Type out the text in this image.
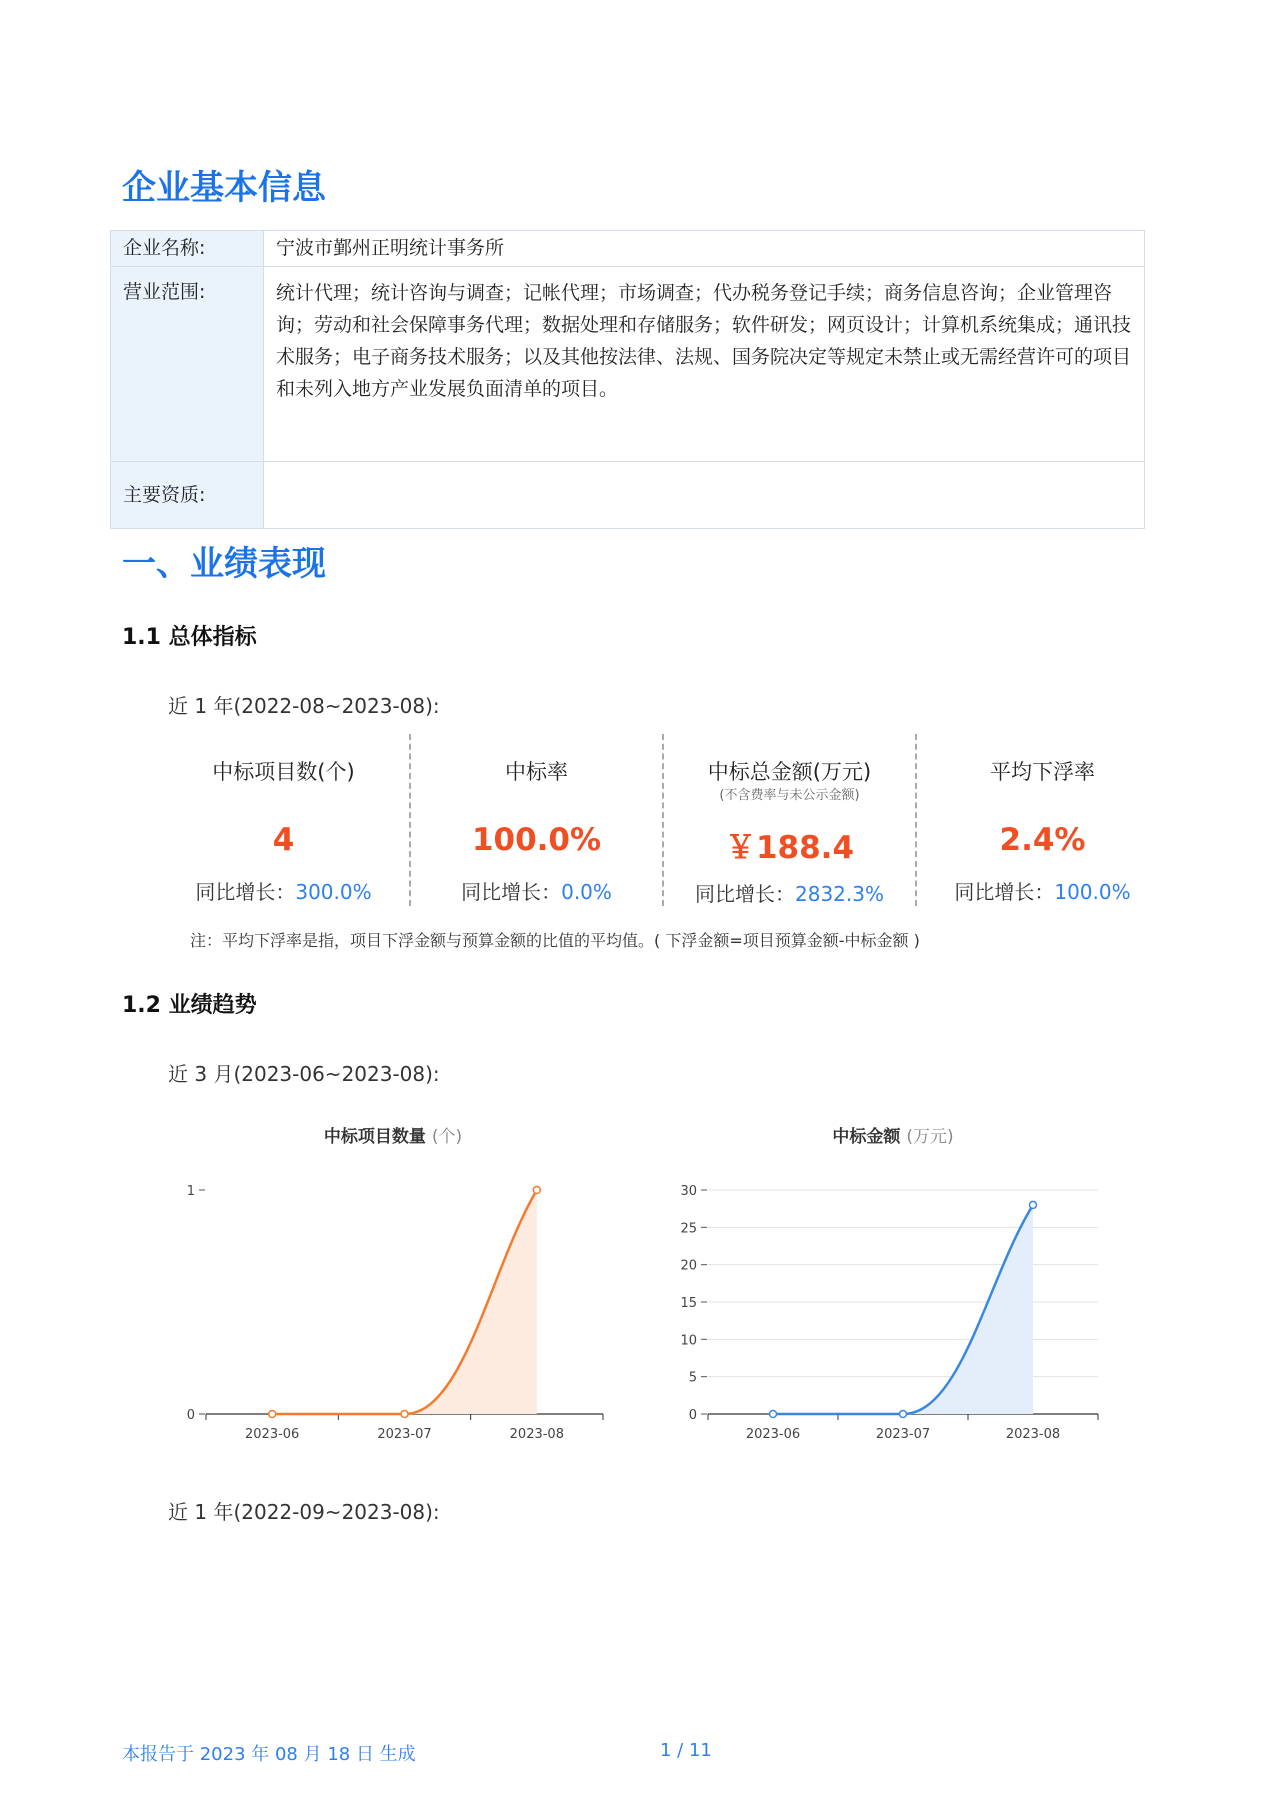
企业基本信息
企业名称:	宁波市鄞州正明统计事务所
营业范围:	统计代理；统计咨询与调查；记帐代理；市场调查；代办税务登记手续；商务信息咨询；企业管理咨询；劳动和社会保障事务代理；数据处理和存储服务；软件研发；网页设计；计算机系统集成；通讯技术服务；电子商务技术服务；以及其他按法律、法规、国务院决定等规定未禁止或无需经营许可的项目和未列入地方产业发展负面清单的项目。
主要资质:	
一、业绩表现
1.1 总体指标
近 1 年(2022-08~2023-08):
中标项目数(个)
4
同比增长：300.0%
中标率
100.0%
同比增长：0.0%
中标总金额(万元)
(不含费率与未公示金额)
￥188.4
同比增长：2832.3%
平均下浮率
2.4%
同比增长：100.0%
注：平均下浮率是指，项目下浮金额与预算金额的比值的平均值。( 下浮金额=项目预算金额-中标金额 )
1.2 业绩趋势
近 3 月(2023-06~2023-08):
中标项目数量 (个)
0
1
2023-06	2023-07	2023-08
中标金额 (万元)
0
5
10
15
20
25
30
2023-06	2023-07	2023-08
近 1 年(2022-09~2023-08):
本报告于 2023 年 08 月 18 日 生成	1 / 11
